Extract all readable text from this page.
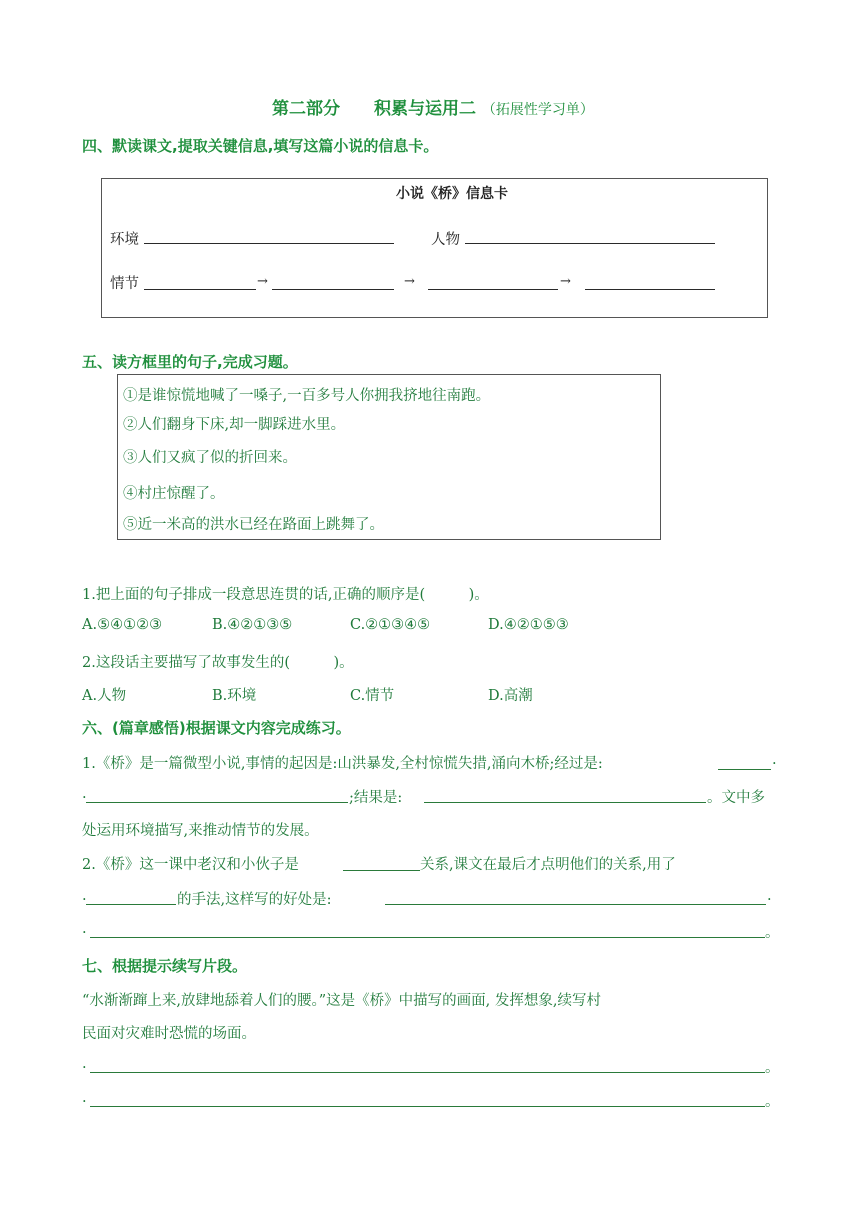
第二部分　　积累与运用二 （拓展性学习单）
四、默读课文,提取关键信息,填写这篇小说的信息卡。
小说《桥》信息卡
环境	人物
情节	→	→	→
五、读方框里的句子,完成习题。
①是谁惊慌地喊了一嗓子,一百多号人你拥我挤地往南跑。
②人们翻身下床,却一脚踩进水里。
③人们又疯了似的折回来。
④村庄惊醒了。
⑤近一米高的洪水已经在路面上跳舞了。
1.把上面的句子排成一段意思连贯的话,正确的顺序是(　　　)。
A.⑤④①②③	B.④②①③⑤	C.②①③④⑤	D.④②①⑤③
2.这段话主要描写了故事发生的(　　　)。
A.人物	B.环境	C.情节	D.高潮
六、(篇章感悟)根据课文内容完成练习。
1.《桥》是一篇微型小说,事情的起因是:山洪暴发,全村惊慌失措,涌向木桥;经过是:	.
.	;结果是:	。文中多
处运用环境描写,来推动情节的发展。
2.《桥》这一课中老汉和小伙子是	关系,课文在最后才点明他们的关系,用了
.	的手法,这样写的好处是:	.
.	。
七、根据提示续写片段。
“水渐渐蹿上来,放肆地舔着人们的腰。”这是《桥》中描写的画面, 发挥想象,续写村
民面对灾难时恐慌的场面。
.	。
.	。
